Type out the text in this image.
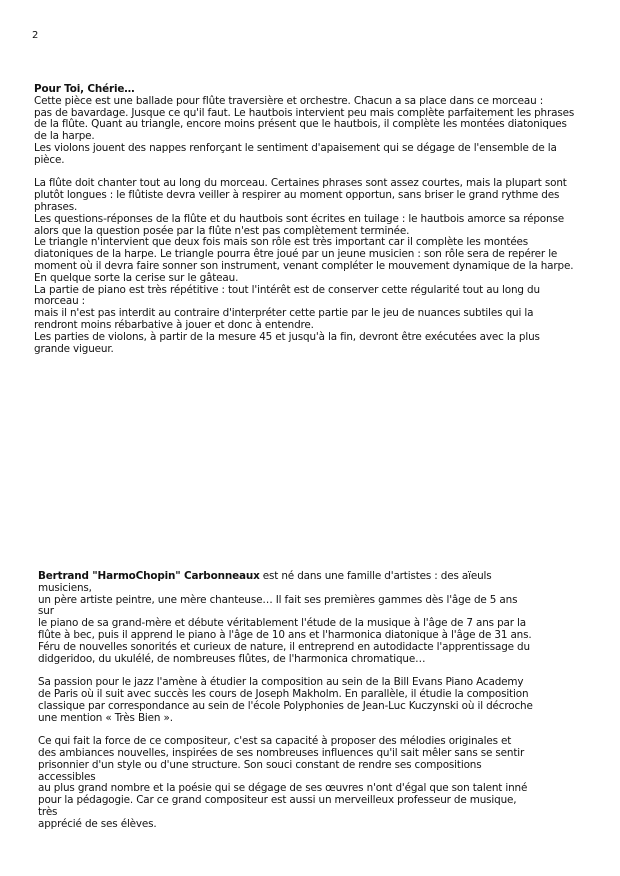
2
Pour Toi, Chérie…
Cette pièce est une ballade pour flûte traversière et orchestre. Chacun a sa place dans ce morceau :
pas de bavardage. Jusque ce qu'il faut. Le hautbois intervient peu mais complète parfaitement les phrases
de la flûte. Quant au triangle, encore moins présent que le hautbois, il complète les montées diatoniques
de la harpe.
Les violons jouent des nappes renforçant le sentiment d'apaisement qui se dégage de l'ensemble de la pièce.
La flûte doit chanter tout au long du morceau. Certaines phrases sont assez courtes, mais la plupart sont
plutôt longues : le flûtiste devra veiller à respirer au moment opportun, sans briser le grand rythme des
phrases.
Les questions-réponses de la flûte et du hautbois sont écrites en tuilage : le hautbois amorce sa réponse
alors que la question posée par la flûte n'est pas complètement terminée.
Le triangle n'intervient que deux fois mais son rôle est très important car il complète les montées
diatoniques de la harpe. Le triangle pourra être joué par un jeune musicien : son rôle sera de repérer le
moment où il devra faire sonner son instrument, venant compléter le mouvement dynamique de la harpe.
En quelque sorte la cerise sur le gâteau.
La partie de piano est très répétitive : tout l'intérêt est de conserver cette régularité tout au long du
morceau :
mais il n'est pas interdit au contraire d'interpréter cette partie par le jeu de nuances subtiles qui la
rendront moins rébarbative à jouer et donc à entendre.
Les parties de violons, à partir de la mesure 45 et jusqu'à la fin, devront être exécutées avec la plus
grande vigueur.
Bertrand "HarmoChopin" Carbonneaux est né dans une famille d'artistes : des aïeuls musiciens,
un père artiste peintre, une mère chanteuse… Il fait ses premières gammes dès l'âge de 5 ans sur
le piano de sa grand-mère et débute véritablement l'étude de la musique à l'âge de 7 ans par la
flûte à bec, puis il apprend le piano à l'âge de 10 ans et l'harmonica diatonique à l'âge de 31 ans.
Féru de nouvelles sonorités et curieux de nature, il entreprend en autodidacte l'apprentissage du
didgeridoo, du ukulélé, de nombreuses flûtes, de l'harmonica chromatique…
Sa passion pour le jazz l'amène à étudier la composition au sein de la Bill Evans Piano Academy
de Paris où il suit avec succès les cours de Joseph Makholm. En parallèle, il étudie la composition
classique par correspondance au sein de l'école Polyphonies de Jean-Luc Kuczynski où il décroche
une mention « Très Bien ».
Ce qui fait la force de ce compositeur, c'est sa capacité à proposer des mélodies originales et
des ambiances nouvelles, inspirées de ses nombreuses influences qu'il sait mêler sans se sentir
prisonnier d'un style ou d'une structure. Son souci constant de rendre ses compositions accessibles
au plus grand nombre et la poésie qui se dégage de ses œuvres n'ont d'égal que son talent inné
pour la pédagogie. Car ce grand compositeur est aussi un merveilleux professeur de musique, très
apprécié de ses élèves.
